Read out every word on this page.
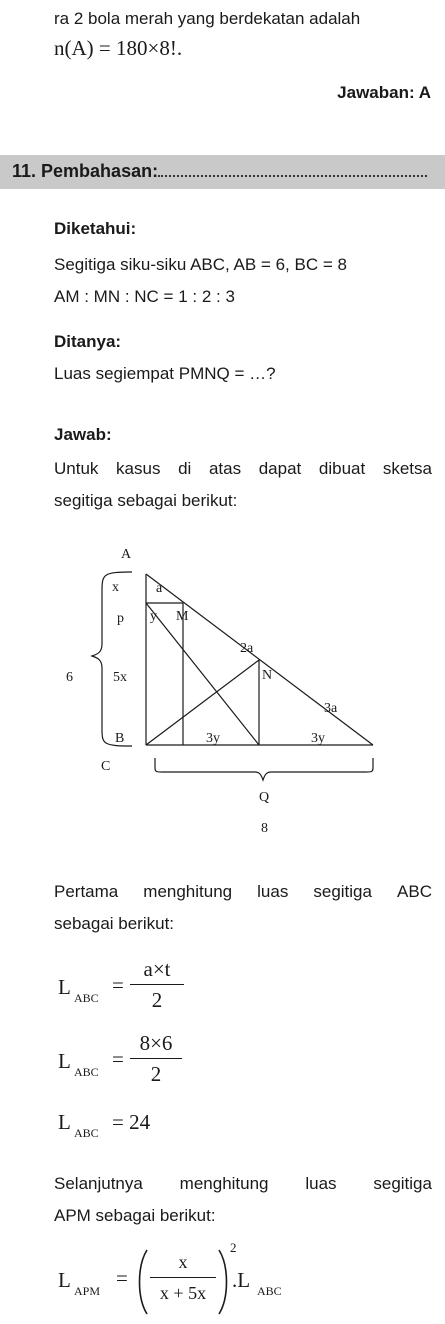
ra 2 bola merah yang berdekatan adalah
n(A) = 180×8!.
Jawaban: A
11. Pembahasan:
Diketahui:
Segitiga siku-siku ABC, AB = 6, BC = 8
AM : MN : NC = 1 : 2 : 3
Ditanya:
Luas segiempat PMNQ = …?
Jawab:
Untuk kasus di atas dapat dibuat sketsa
segitiga sebagai berikut:
A
x
p
6	5x
B
C
a
y M
2a
N
3a
3y	3y
Q
8
Pertama menghitung luas segitiga ABC
sebagai berikut:
L ABC
=
a×t
2
L ABC
=
8×6
2
L ABC = 24
Selanjutnya menghitung luas segitiga
APM sebagai berikut:
L APM
=
x
x + 5x
2
.L ABC
